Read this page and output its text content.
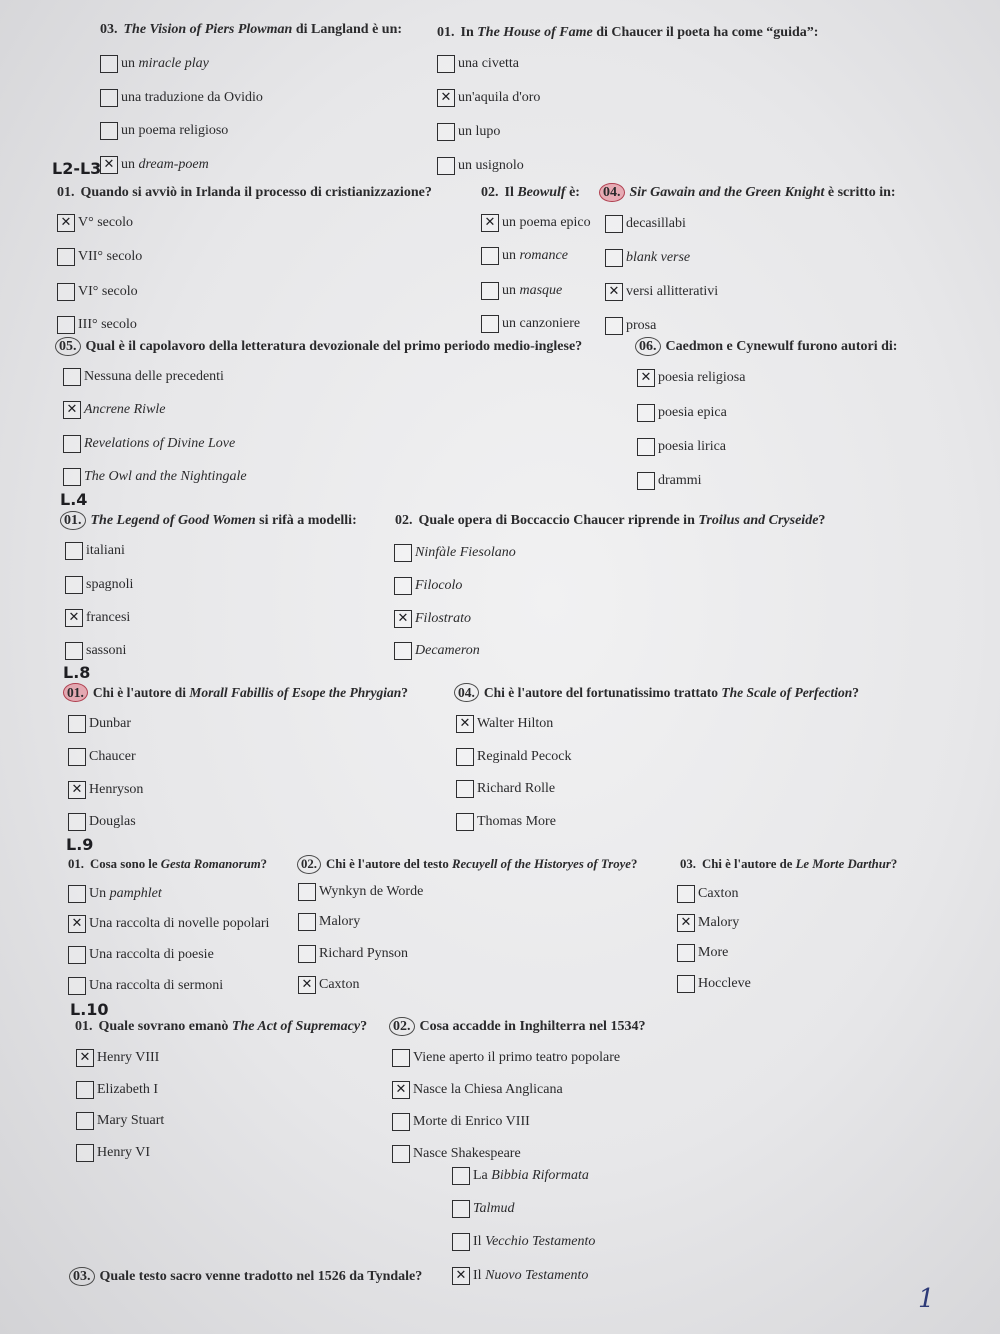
03. The Vision of Piers Plowman di Langland è un: 01. In The House of Fame di Chaucer il poeta ha come “guida”:
un miracle play
una traduzione da Ovidio
un poema religioso
✕
un dream-poem
una civetta
✕
un'aquila d'oro
un lupo
un usignolo
L2-L3
01. Quando si avviò in Irlanda il processo di cristianizzazione?	02. Il Beowulf è: 04. Sir Gawain and the Green Knight è scritto in:
✕
V° secolo
VII° secolo
VI° secolo
III° secolo
✕
un poema epico
un romance
un masque
un canzoniere
decasillabi
blank verse
✕
versi allitterativi
prosa
05. Qual è il capolavoro della letteratura devozionale del primo periodo medio-inglese?	06. Caedmon e Cynewulf furono autori di:
Nessuna delle precedenti
✕
Ancrene Riwle
Revelations of Divine Love
The Owl and the Nightingale
✕
poesia religiosa
poesia epica
poesia lirica
drammi
L.4
01. The Legend of Good Women si rifà a modelli:	02. Quale opera di Boccaccio Chaucer riprende in Troilus and Cryseide?
italiani
spagnoli
✕
francesi
sassoni
Ninfàle Fiesolano
Filocolo
✕
Filostrato
Decameron
L.8
01. Chi è l'autore di Morall Fabillis of Esope the Phrygian?	04. Chi è l'autore del fortunatissimo trattato The Scale of Perfection?
Dunbar
Chaucer
✕
Henryson
Douglas
✕
Walter Hilton
Reginald Pecock
Richard Rolle
Thomas More
L.9
01. Cosa sono le Gesta Romanorum?	02. Chi è l'autore del testo Recuyell of the Historyes of Troye?	03. Chi è l'autore de Le Morte Darthur?
Un pamphlet
✕
Una raccolta di novelle popolari
Una raccolta di poesie
Una raccolta di sermoni
Wynkyn de Worde
Malory
Richard Pynson
✕
Caxton
Caxton
✕
Malory
More
Hoccleve
L.10
01. Quale sovrano emanò The Act of Supremacy? 02. Cosa accadde in Inghilterra nel 1534?
✕
Henry VIII
Elizabeth I
Mary Stuart
Henry VI
Viene aperto il primo teatro popolare
✕
Nasce la Chiesa Anglicana
Morte di Enrico VIII
Nasce Shakespeare
La Bibbia Riformata
Talmud
Il Vecchio Testamento
03. Quale testo sacro venne tradotto nel 1526 da Tyndale?
✕	Il Nuovo Testamento
1
